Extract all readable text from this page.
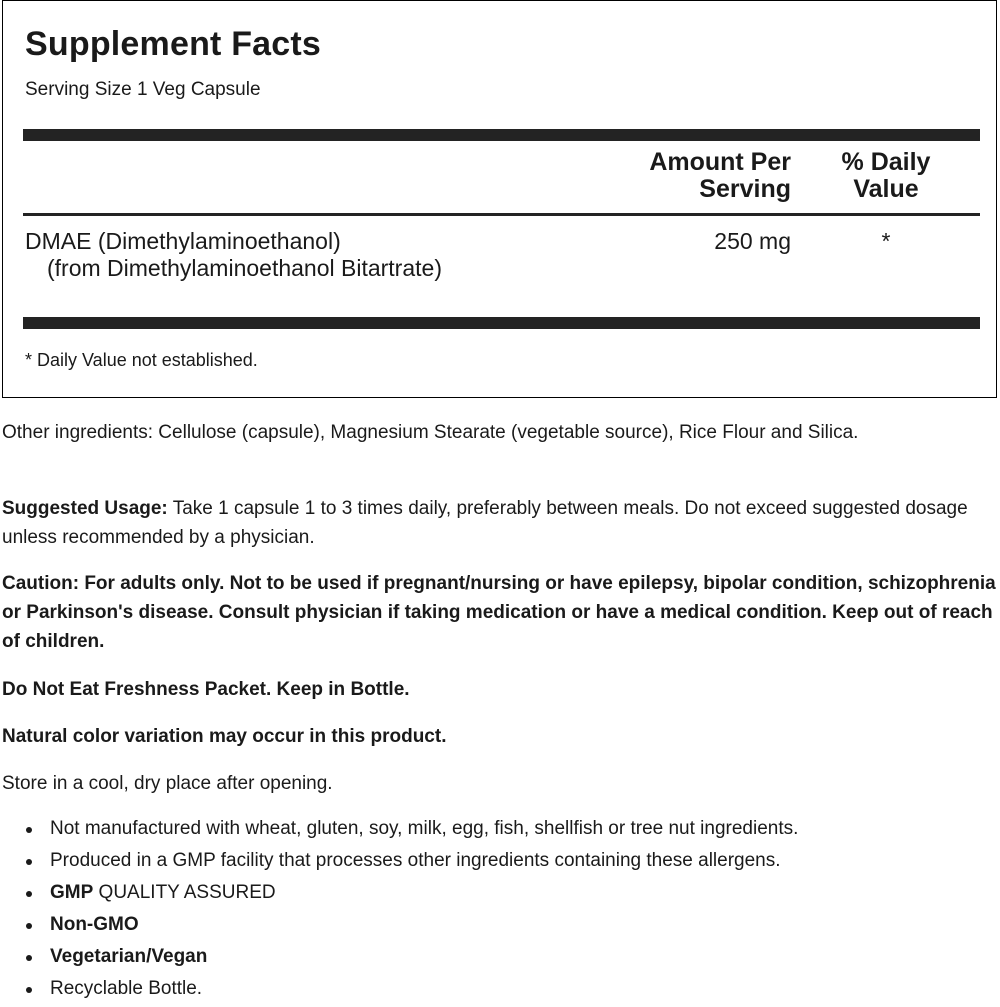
Supplement Facts
Serving Size 1 Veg Capsule
Amount Per
Serving
% Daily
Value
DMAE (Dimethylaminoethanol)
(from Dimethylaminoethanol Bitartrate)
250 mg	*
* Daily Value not established.

Other ingredients: Cellulose (capsule), Magnesium Stearate (vegetable source), Rice Flour and Silica.

Suggested Usage: Take 1 capsule 1 to 3 times daily, preferably between meals. Do not exceed suggested dosage unless recommended by a physician.

Caution: For adults only. Not to be used if pregnant/nursing or have epilepsy, bipolar condition, schizophrenia or Parkinson's disease. Consult physician if taking medication or have a medical condition. Keep out of reach of children.

Do Not Eat Freshness Packet. Keep in Bottle.

Natural color variation may occur in this product.

Store in a cool, dry place after opening.

Not manufactured with wheat, gluten, soy, milk, egg, fish, shellfish or tree nut ingredients.
Produced in a GMP facility that processes other ingredients containing these allergens.
GMP QUALITY ASSURED
Non-GMO
Vegetarian/Vegan
Recyclable Bottle.
